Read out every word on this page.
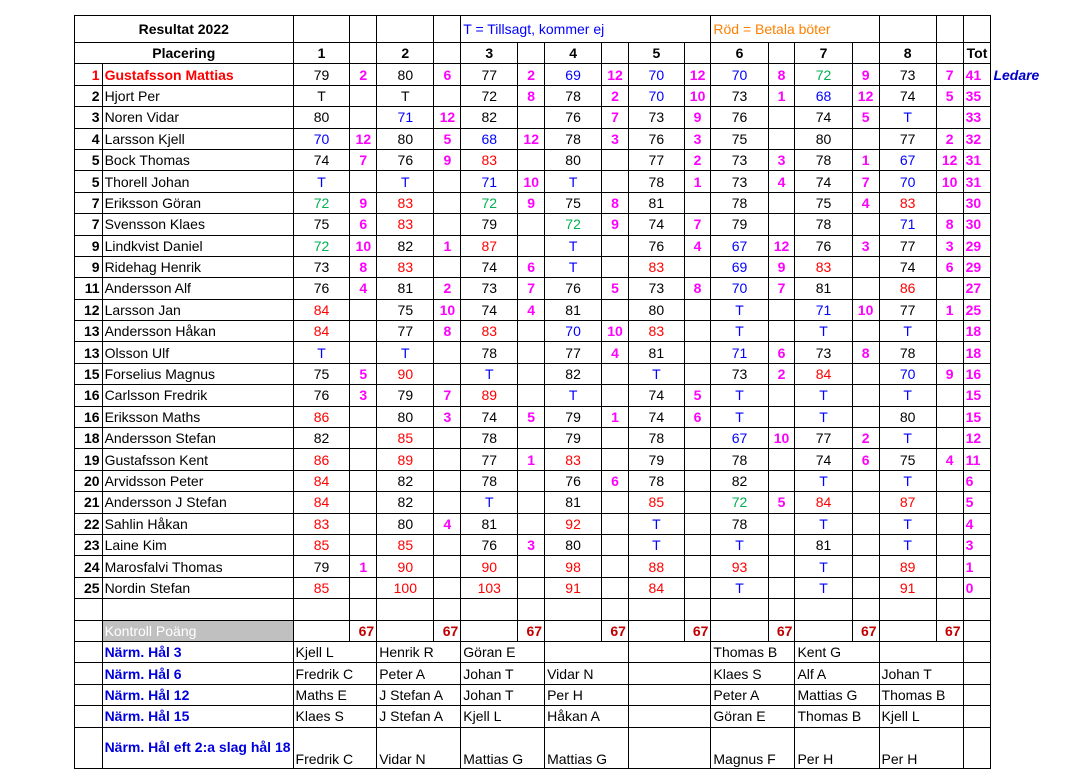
Resultat 2022						T = Tillsagt, kommer ej						Röd = Betala böter							
Placering		1		2		3		4		5		6		7		8		Tot	
1	Gustafsson Mattias	79	2	80	6	77	2	69	12	70	12	70	8	72	9	73	7	41	Ledare
2	Hjort Per	T		T		72	8	78	2	70	10	73	1	68	12	74	5	35	
3	Noren Vidar	80		71	12	82		76	7	73	9	76		74	5	T		33	
4	Larsson Kjell	70	12	80	5	68	12	78	3	76	3	75		80		77	2	32	
5	Bock Thomas	74	7	76	9	83		80		77	2	73	3	78	1	67	12	31	
5	Thorell Johan	T		T		71	10	T		78	1	73	4	74	7	70	10	31	
7	Eriksson Göran	72	9	83		72	9	75	8	81		78		75	4	83		30	
7	Svensson Klaes	75	6	83		79		72	9	74	7	79		78		71	8	30	
9	Lindkvist Daniel	72	10	82	1	87		T		76	4	67	12	76	3	77	3	29	
9	Ridehag Henrik	73	8	83		74	6	T		83		69	9	83		74	6	29	
11	Andersson Alf	76	4	81	2	73	7	76	5	73	8	70	7	81		86		27	
12	Larsson Jan	84		75	10	74	4	81		80		T		71	10	77	1	25	
13	Andersson Håkan	84		77	8	83		70	10	83		T		T		T		18	
13	Olsson Ulf	T		T		78		77	4	81		71	6	73	8	78		18	
15	Forselius Magnus	75	5	90		T		82		T		73	2	84		70	9	16	
16	Carlsson Fredrik	76	3	79	7	89		T		74	5	T		T		T		15	
16	Eriksson Maths	86		80	3	74	5	79	1	74	6	T		T		80		15	
18	Andersson Stefan	82		85		78		79		78		67	10	77	2	T		12	
19	Gustafsson Kent	86		89		77	1	83		79		78		74	6	75	4	11	
20	Arvidsson Peter	84		82		78		76	6	78		82		T		T		6	
21	Andersson J Stefan	84		82		T		81		85		72	5	84		87		5	
22	Sahlin Håkan	83		80	4	81		92		T		78		T		T		4	
23	Laine Kim	85		85		76	3	80		T		T		81		T		3	
24	Marosfalvi Thomas	79	1	90		90		98		88		93		T		89		1	
25	Nordin Stefan	85		100		103		91		84		T		T		91		0	

	Kontroll Poäng		67		67		67		67		67		67		67		67		
	Närm. Hål 3	Kjell L		Henrik R		Göran E						Thomas B		Kent G					
	Närm. Hål 6	Fredrik C		Peter A		Johan T		Vidar N				Klaes S		Alf A		Johan T			
	Närm. Hål 12	Maths E		J Stefan A		Johan T		Per H				Peter A		Mattias G		Thomas B			
	Närm. Hål 15	Klaes S		J Stefan A		Kjell L		Håkan A				Göran E		Thomas B		Kjell L			
	Närm. Hål eft 2:a slag hål 18	Fredrik C		Vidar N		Mattias G		Mattias G				Magnus F		Per H		Per H			
